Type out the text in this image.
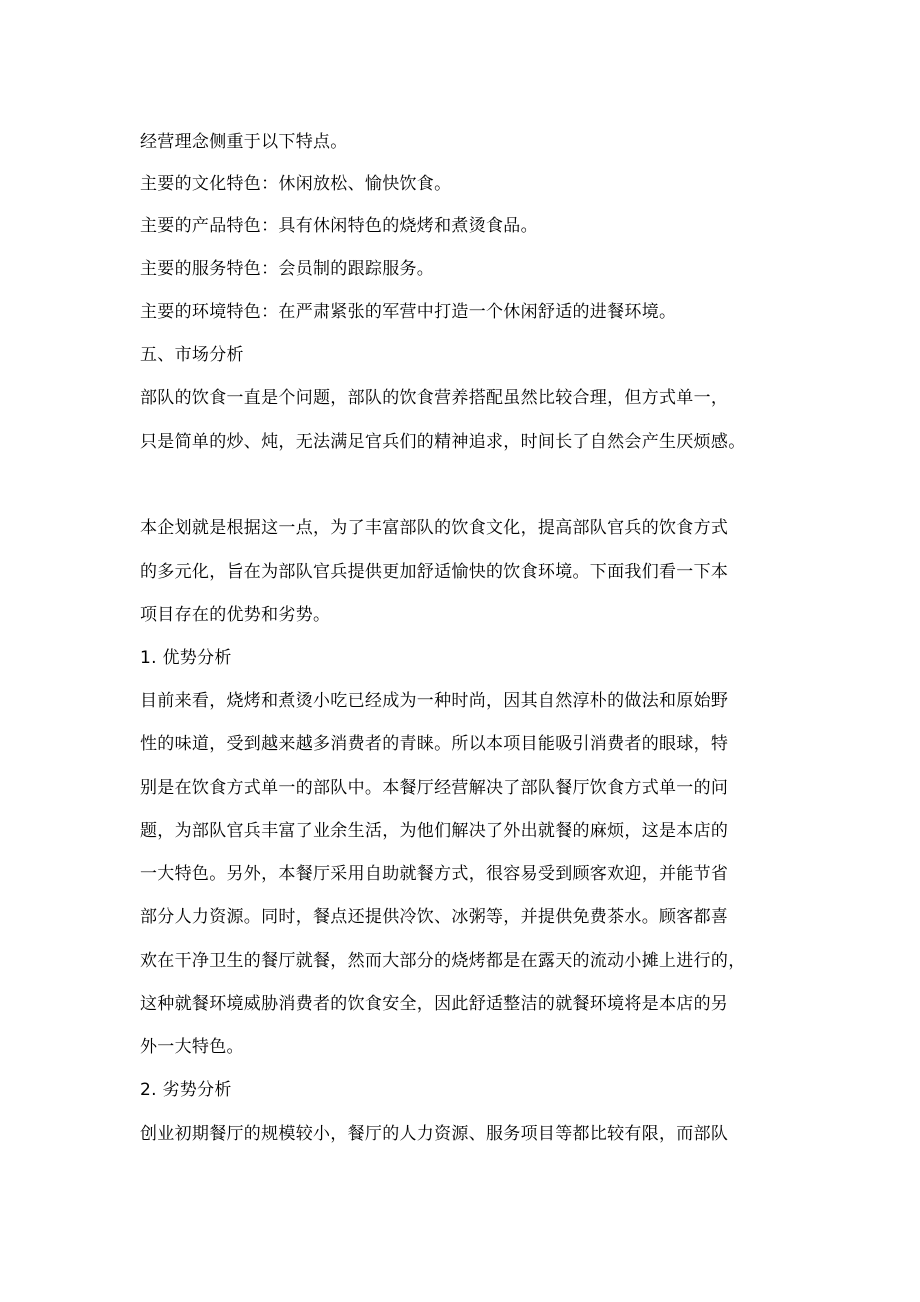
经营理念侧重于以下特点。
主要的文化特色：休闲放松、愉快饮食。
主要的产品特色：具有休闲特色的烧烤和煮烫食品。
主要的服务特色：会员制的跟踪服务。
主要的环境特色：在严肃紧张的军营中打造一个休闲舒适的进餐环境。
五、市场分析
部队的饮食一直是个问题，部队的饮食营养搭配虽然比较合理，但方式单一，
只是简单的炒、炖，无法满足官兵们的精神追求，时间长了自然会产生厌烦感。
本企划就是根据这一点，为了丰富部队的饮食文化，提高部队官兵的饮食方式
的多元化，旨在为部队官兵提供更加舒适愉快的饮食环境。下面我们看一下本
项目存在的优势和劣势。
1. 优势分析
目前来看，烧烤和煮烫小吃已经成为一种时尚，因其自然淳朴的做法和原始野
性的味道，受到越来越多消费者的青睐。所以本项目能吸引消费者的眼球，特
别是在饮食方式单一的部队中。本餐厅经营解决了部队餐厅饮食方式单一的问
题，为部队官兵丰富了业余生活，为他们解决了外出就餐的麻烦，这是本店的
一大特色。另外，本餐厅采用自助就餐方式，很容易受到顾客欢迎，并能节省
部分人力资源。同时，餐点还提供冷饮、冰粥等，并提供免费茶水。顾客都喜
欢在干净卫生的餐厅就餐，然而大部分的烧烤都是在露天的流动小摊上进行的，
这种就餐环境威胁消费者的饮食安全，因此舒适整洁的就餐环境将是本店的另
外一大特色。
2. 劣势分析
创业初期餐厅的规模较小，餐厅的人力资源、服务项目等都比较有限，而部队
